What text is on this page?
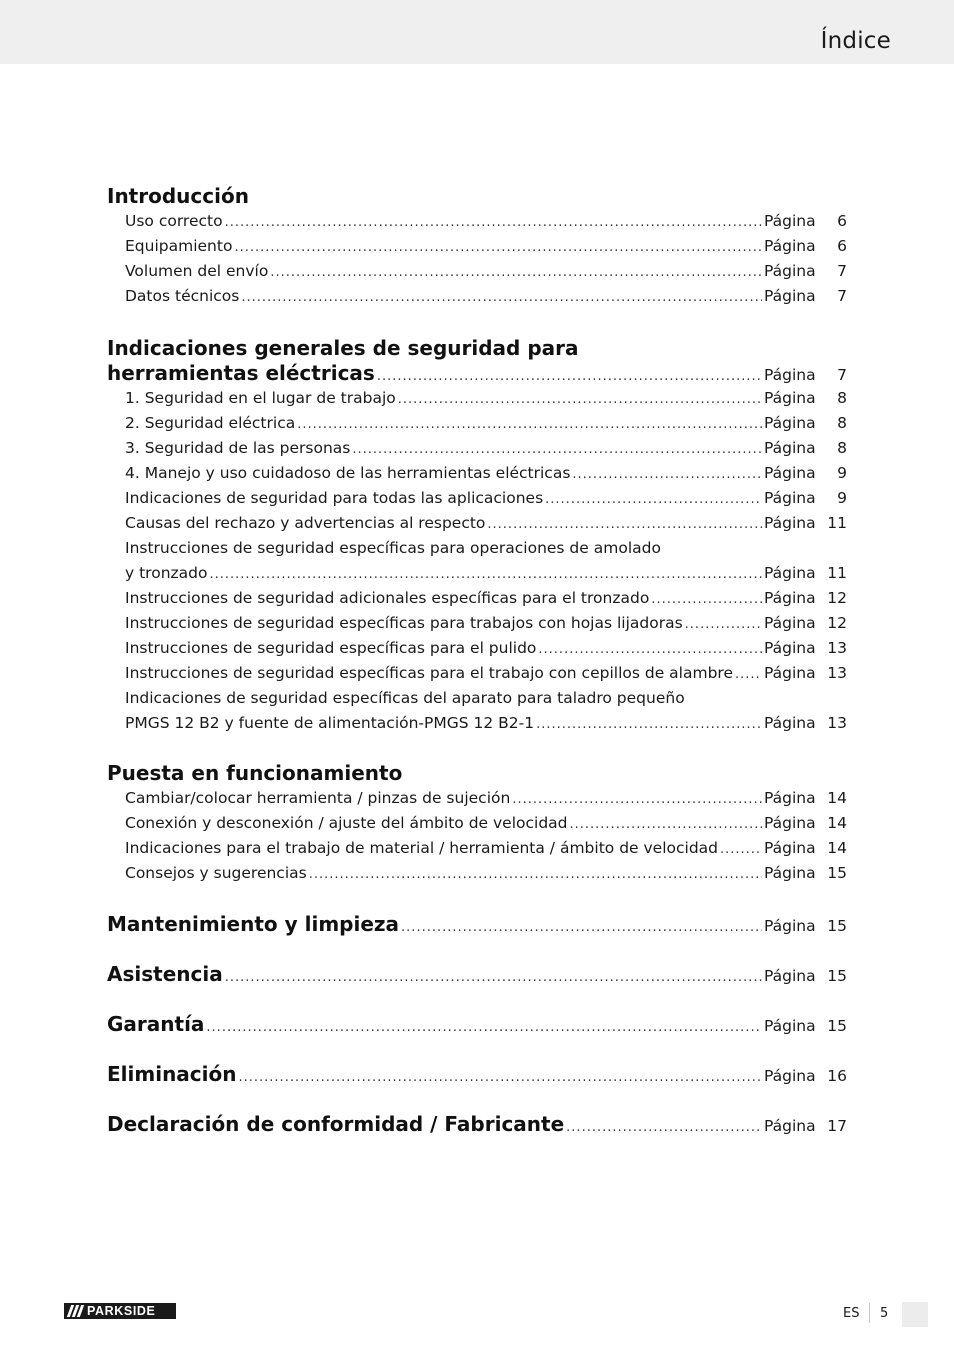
Índice
Introducción
Uso correcto .....	Página	6
Equipamiento .....	Página	6
Volumen del envío .....	Página	7
Datos técnicos .....	Página	7
Indicaciones generales de seguridad para
herramientas eléctricas .....	Página	7
1. Seguridad en el lugar de trabajo .....	Página	8
2. Seguridad eléctrica .....	Página	8
3. Seguridad de las personas .....	Página	8
4. Manejo y uso cuidadoso de las herramientas eléctricas .....	Página	9
Indicaciones de seguridad para todas las aplicaciones .....	Página	9
Causas del rechazo y advertencias al respecto .....	Página 11
Instrucciones de seguridad específicas para operaciones de amolado
y tronzado .....	Página 11
Instrucciones de seguridad adicionales específicas para el tronzado .....	Página 12
Instrucciones de seguridad específicas para trabajos con hojas lijadoras .....	Página 12
Instrucciones de seguridad específicas para el pulido .....	Página 13
Instrucciones de seguridad específicas para el trabajo con cepillos de alambre ..... Página 13
Indicaciones de seguridad específicas del aparato para taladro pequeño
PMGS 12 B2 y fuente de alimentación-PMGS 12 B2-1 .....	Página 13
Puesta en funcionamiento
Cambiar/colocar herramienta / pinzas de sujeción .....	Página 14
Conexión y desconexión / ajuste del ámbito de velocidad .....	Página 14
Indicaciones para el trabajo de material / herramienta / ámbito de velocidad .....	Página 14
Consejos y sugerencias .....	Página 15
Mantenimiento y limpieza .....	Página 15
Asistencia .....	Página 15
Garantía .....	Página 15
Eliminación .....	Página 16
Declaración de conformidad / Fabricante .....	Página 17
PARKSIDE	ES 5
